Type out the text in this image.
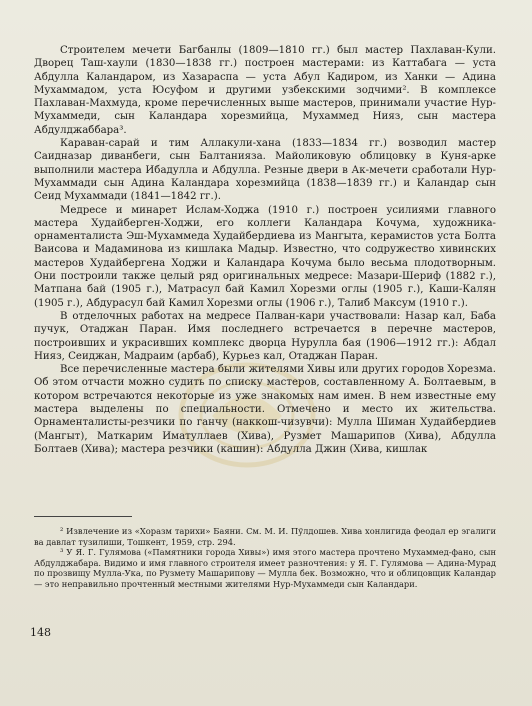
Строителем мечети Багбанлы (1809—1810 гг.) был мастер Пахлаван-Кули. Дворец Таш-хаули (1830—1838 гг.) построен мастерами: из Каттабага — уста Абдулла Каландаром, из Хазараспа — уста Абул Кадиром, из Ханки — Адина Мухаммадом, уста Юсуфом и другими узбекскими зодчими². В комплексе Пахлаван-Махмуда, кроме перечисленных выше мастеров, принимали участие Нур-Мухаммеди, сын Каландара хорезмийца, Мухаммед Нияз, сын мастера Абдулджаббара³.

Караван-сарай и тим Аллакули-хана (1833—1834 гг.) возводил мастер Саидназар диванбеги, сын Балтанияза. Майоликовую облицовку в Куня-арке выполнили мастера Ибадулла и Абдулла. Резные двери в Ак-мечети сработали Нур-Мухаммади сын Адина Каландара хорезмийца (1838—1839 гг.) и Каландар сын Сеид Мухаммади (1841—1842 гг.).

Медресе и минарет Ислам-Ходжа (1910 г.) построен усилиями главного мастера Худайберген-Ходжи, его коллеги Каландара Кочума, художника-орнаменталиста Эш-Мухаммеда Худайбердиева из Мангыта, керамистов уста Болта Ваисова и Мадаминова из кишлака Мадыр. Известно, что содружество хивинских мастеров Худайбергена Ходжи и Каландара Кочума было весьма плодотворным. Они построили также целый ряд оригинальных медресе: Мазари-Шериф (1882 г.), Матпана бай (1905 г.), Матрасул бай Камил Хорезми оглы (1905 г.), Каши-Калян (1905 г.), Абдурасул бай Камил Хорезми оглы (1906 г.), Талиб Максум (1910 г.).

В отделочных работах на медресе Палван-кари участвовали: Назар кал, Баба пучук, Отаджан Паран. Имя последнего встречается в перечне мастеров, построивших и украсивших комплекс дворца Нурулла бая (1906—1912 гг.): Абдал Нияз, Сеиджан, Мадраим (арбаб), Курьез кал, Отаджан Паран.

Все перечисленные мастера были жителями Хивы или других городов Хорезма. Об этом отчасти можно судить по списку мастеров, составленному А. Болтаевым, в котором встречаются некоторые из уже знакомых нам имен. В нем известные ему мастера выделены по специальности. Отмечено и место их жительства. Орнаменталисты-резчики по ганчу (наккош-чизувчи): Мулла Шиман Худайбердиев (Мангыт), Маткарим Иматуллаев (Хива), Рузмет Машарипов (Хива), Абдулла Болтаев (Хива); мастера резчики (кашин): Абдулла Джин (Хива, кишлак

² Извлечение из «Хоразм тарихи» Баяни. См. М. И. Пўлдошев. Хива хонлигида феодал ер эгалиги ва давлат тузилиши, Тошкент, 1959, стр. 294.

³ У Я. Г. Гулямова («Памятники города Хивы») имя этого мастера прочтено Мухаммед-фано, сын Абдулджабара. Видимо и имя главного строителя имеет разночтения: у Я. Г. Гулямова — Адина-Мурад по прозвищу Мулла-Ука, по Рузмету Машарипову — Мулла бек. Возможно, что и облицовщик Каландар — это неправильно прочтенный местными жителями Нур-Мухаммеди сын Каландари.

148
